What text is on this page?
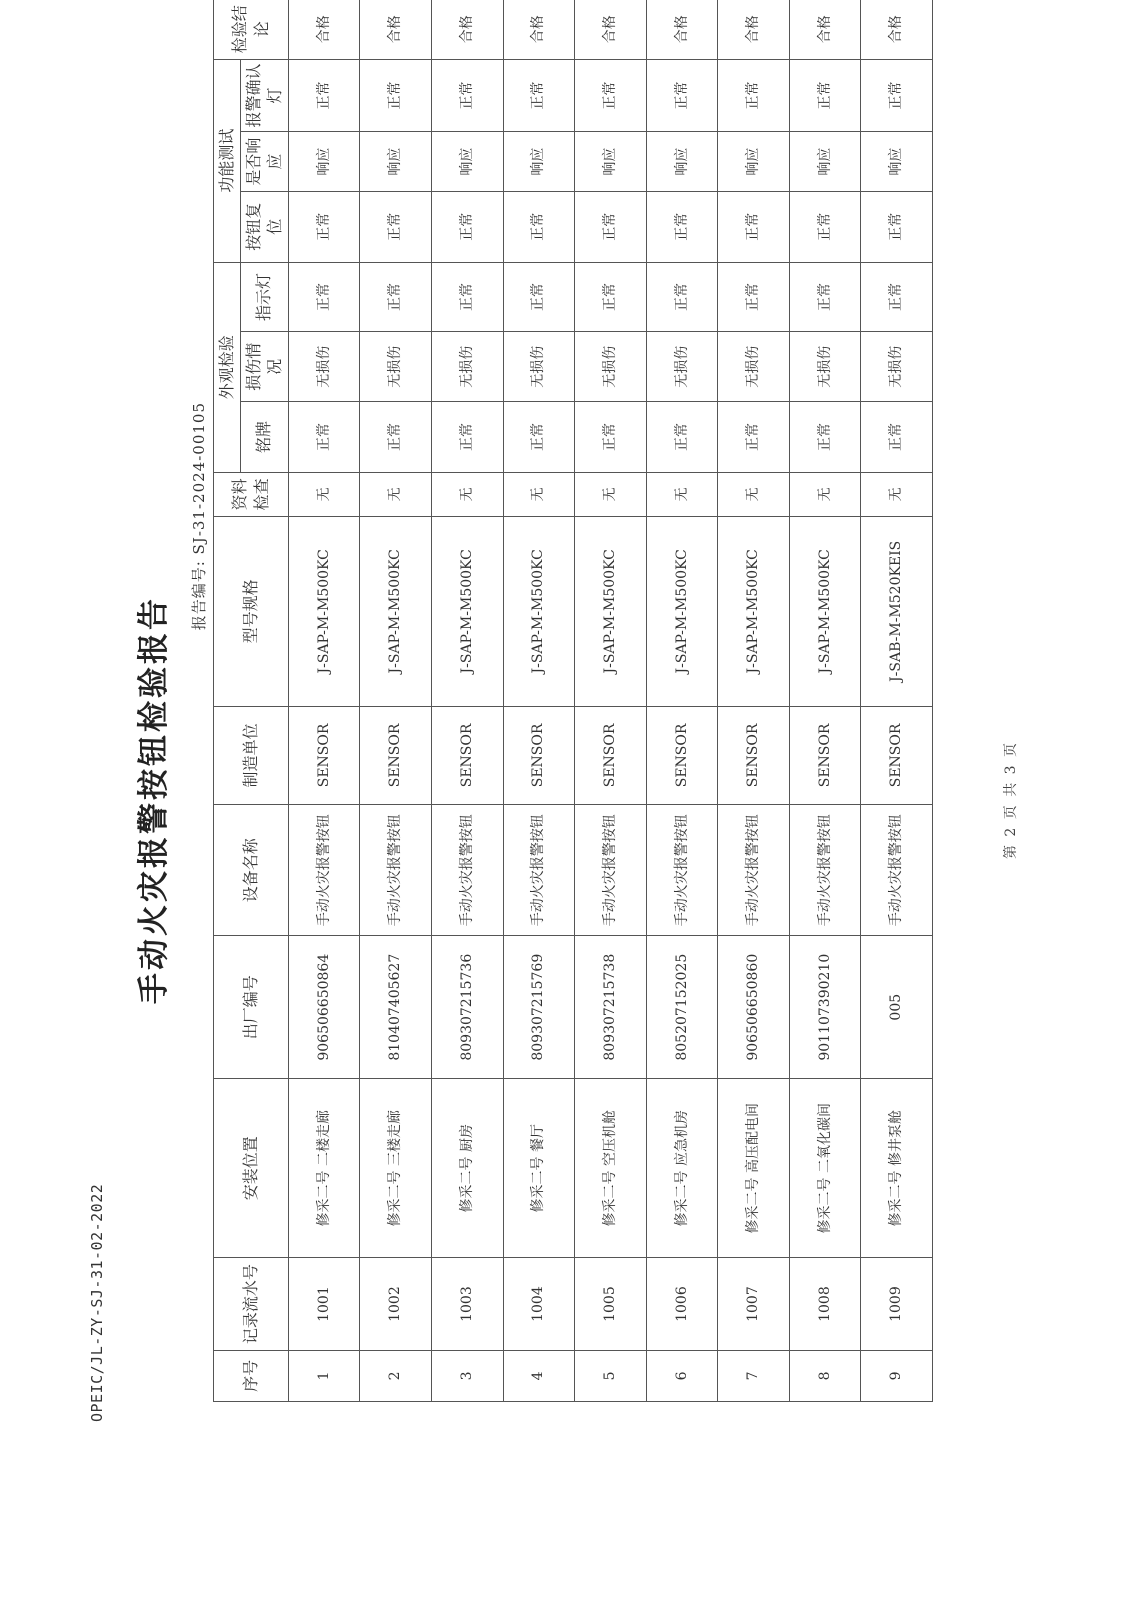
OPEIC/JL-ZY-SJ-31-02-2022
手动火灾报警按钮检验报告
报告编号: SJ-31-2024-00105
序号	记录流水号	安装位置	出厂编号	设备名称	制造单位	型号规格	资料检查	外观检验			功能测试			检验结论
								铭牌	损伤情况	指示灯	按钮复位	是否响应	报警确认灯	
1	1001	修采二号 二楼走廊	906506650864	手动火灾报警按钮	SENSOR	J-SAP-M-M500KC	无	正常	无损伤	正常	正常	响应	正常	合格
2	1002	修采二号 三楼走廊	810407405627	手动火灾报警按钮	SENSOR	J-SAP-M-M500KC	无	正常	无损伤	正常	正常	响应	正常	合格
3	1003	修采二号 厨房	809307215736	手动火灾报警按钮	SENSOR	J-SAP-M-M500KC	无	正常	无损伤	正常	正常	响应	正常	合格
4	1004	修采二号 餐厅	809307215769	手动火灾报警按钮	SENSOR	J-SAP-M-M500KC	无	正常	无损伤	正常	正常	响应	正常	合格
5	1005	修采二号 空压机舱	809307215738	手动火灾报警按钮	SENSOR	J-SAP-M-M500KC	无	正常	无损伤	正常	正常	响应	正常	合格
6	1006	修采二号 应急机房	805207152025	手动火灾报警按钮	SENSOR	J-SAP-M-M500KC	无	正常	无损伤	正常	正常	响应	正常	合格
7	1007	修采二号 高压配电间	906506650860	手动火灾报警按钮	SENSOR	J-SAP-M-M500KC	无	正常	无损伤	正常	正常	响应	正常	合格
8	1008	修采二号 二氧化碳间	901107390210	手动火灾报警按钮	SENSOR	J-SAP-M-M500KC	无	正常	无损伤	正常	正常	响应	正常	合格
9	1009	修采二号 修井泵舱	005	手动火灾报警按钮	SENSOR	J-SAB-M-M520KEIS	无	正常	无损伤	正常	正常	响应	正常	合格
第 2 页 共 3 页
